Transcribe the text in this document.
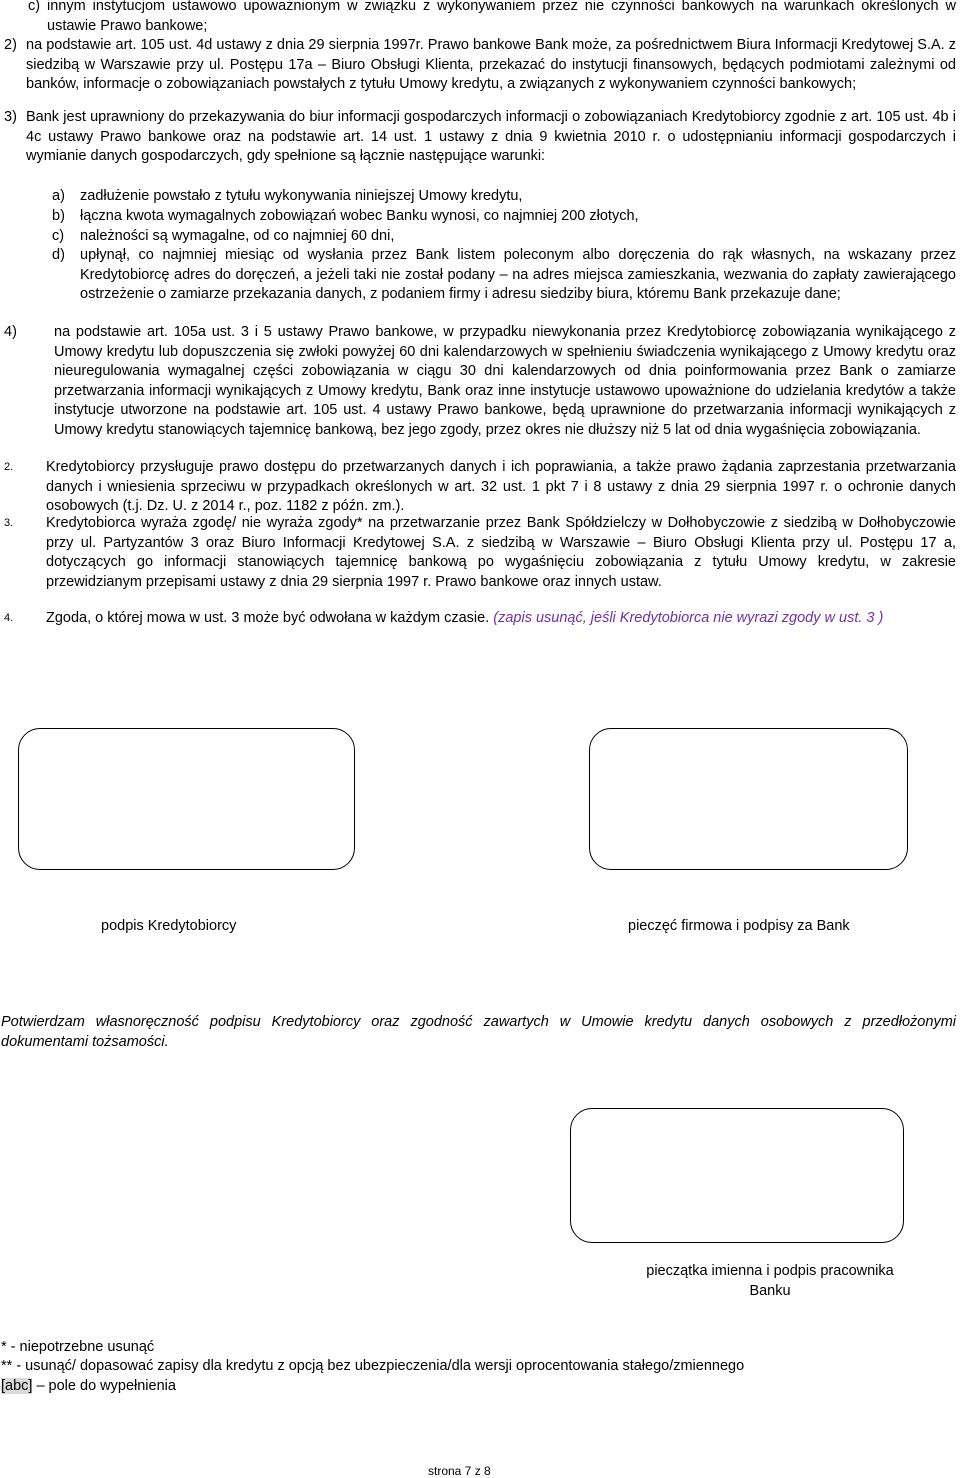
c) innym instytucjom ustawowo upoważnionym w związku z wykonywaniem przez nie czynności bankowych na warunkach określonych w ustawie Prawo bankowe;
2) na podstawie art. 105 ust. 4d ustawy z dnia 29 sierpnia 1997r. Prawo bankowe Bank może, za pośrednictwem Biura Informacji Kredytowej S.A. z siedzibą w Warszawie przy ul. Postępu 17a – Biuro Obsługi Klienta, przekazać do instytucji finansowych, będących podmiotami zależnymi od banków, informacje o zobowiązaniach powstałych z tytułu Umowy kredytu, a związanych z wykonywaniem czynności bankowych;
3) Bank jest uprawniony do przekazywania do biur informacji gospodarczych informacji o zobowiązaniach Kredytobiorcy zgodnie z art. 105 ust. 4b i 4c ustawy Prawo bankowe oraz na podstawie art. 14 ust. 1 ustawy z dnia 9 kwietnia 2010 r. o udostępnianiu informacji gospodarczych i wymianie danych gospodarczych, gdy spełnione są łącznie następujące warunki:
a)	zadłużenie powstało z tytułu wykonywania niniejszej Umowy kredytu,
b)	łączna kwota wymagalnych zobowiązań wobec Banku wynosi, co najmniej 200 złotych,
c)	należności są wymagalne, od co najmniej 60 dni,
d)	upłynął, co najmniej miesiąc od wysłania przez Bank listem poleconym albo doręczenia do rąk własnych, na wskazany przez Kredytobiorcę adres do doręczeń, a jeżeli taki nie został podany – na adres miejsca zamieszkania, wezwania do zapłaty zawierającego ostrzeżenie o zamiarze przekazania danych, z podaniem firmy i adresu siedziby biura, któremu Bank przekazuje dane;
4)	na podstawie art. 105a ust. 3 i 5 ustawy Prawo bankowe, w przypadku niewykonania przez Kredytobiorcę zobowiązania wynikającego z Umowy kredytu lub dopuszczenia się zwłoki powyżej 60 dni kalendarzowych w spełnieniu świadczenia wynikającego z Umowy kredytu oraz nieuregulowania wymagalnej części zobowiązania w ciągu 30 dni kalendarzowych od dnia poinformowania przez Bank o zamiarze przetwarzania informacji wynikających z Umowy kredytu, Bank oraz inne instytucje ustawowo upoważnione do udzielania kredytów a także instytucje utworzone na podstawie art. 105 ust. 4 ustawy Prawo bankowe, będą uprawnione do przetwarzania informacji wynikających z Umowy kredytu stanowiących tajemnicę bankową, bez jego zgody, przez okres nie dłuższy niż 5 lat od dnia wygaśnięcia zobowiązania.
2.	Kredytobiorcy przysługuje prawo dostępu do przetwarzanych danych i ich poprawiania, a także prawo żądania zaprzestania przetwarzania danych i wniesienia sprzeciwu w przypadkach określonych w art. 32 ust. 1 pkt 7 i 8 ustawy z dnia 29 sierpnia 1997 r. o ochronie danych osobowych (t.j. Dz. U. z 2014 r., poz. 1182 z późn. zm.).
3.	Kredytobiorca wyraża zgodę/ nie wyraża zgody* na przetwarzanie przez Bank Spółdzielczy w Dołhobyczowie z siedzibą w Dołhobyczowie przy ul. Partyzantów 3 oraz Biuro Informacji Kredytowej S.A. z siedzibą w Warszawie – Biuro Obsługi Klienta przy ul. Postępu 17 a, dotyczących go informacji stanowiących tajemnicę bankową po wygaśnięciu zobowiązania z tytułu Umowy kredytu, w zakresie przewidzianym przepisami ustawy z dnia 29 sierpnia 1997 r. Prawo bankowe oraz innych ustaw.
4.	Zgoda, o której mowa w ust. 3 może być odwołana w każdym czasie. (zapis usunąć, jeśli Kredytobiorca nie wyrazi zgody w ust. 3 )
podpis Kredytobiorcy	pieczęć firmowa i podpisy za Bank
Potwierdzam własnoręczność podpisu Kredytobiorcy oraz zgodność zawartych w Umowie kredytu danych osobowych z przedłożonymi dokumentami tożsamości.
pieczątka imienna i podpis pracownika
Banku
* - niepotrzebne usunąć
** - usunąć/ dopasować zapisy dla kredytu z opcją bez ubezpieczenia/dla wersji oprocentowania stałego/zmiennego
[abc] – pole do wypełnienia
strona 7 z 8
